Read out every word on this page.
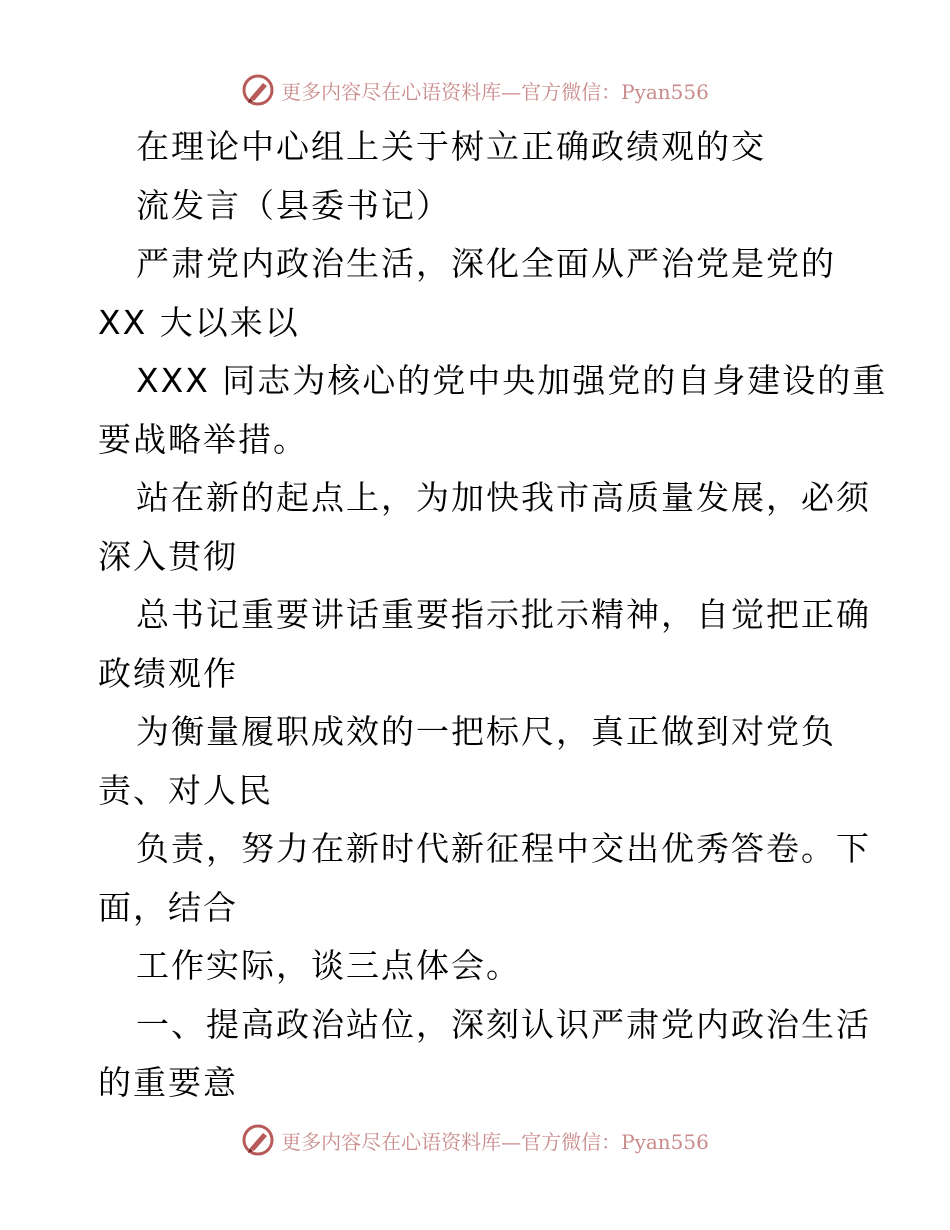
更多内容尽在心语资料库—官方微信：Pyan556
在理论中心组上关于树立正确政绩观的交
流发言（县委书记）
严肃党内政治生活，深化全面从严治党是党的
XX 大以来以
XXX 同志为核心的党中央加强党的自身建设的重
要战略举措。
站在新的起点上，为加快我市高质量发展，必须
深入贯彻
总书记重要讲话重要指示批示精神，自觉把正确
政绩观作
为衡量履职成效的一把标尺，真正做到对党负
责、对人民
负责，努力在新时代新征程中交出优秀答卷。下
面，结合
工作实际，谈三点体会。
一、提高政治站位，深刻认识严肃党内政治生活
的重要意
更多内容尽在心语资料库—官方微信：Pyan556
